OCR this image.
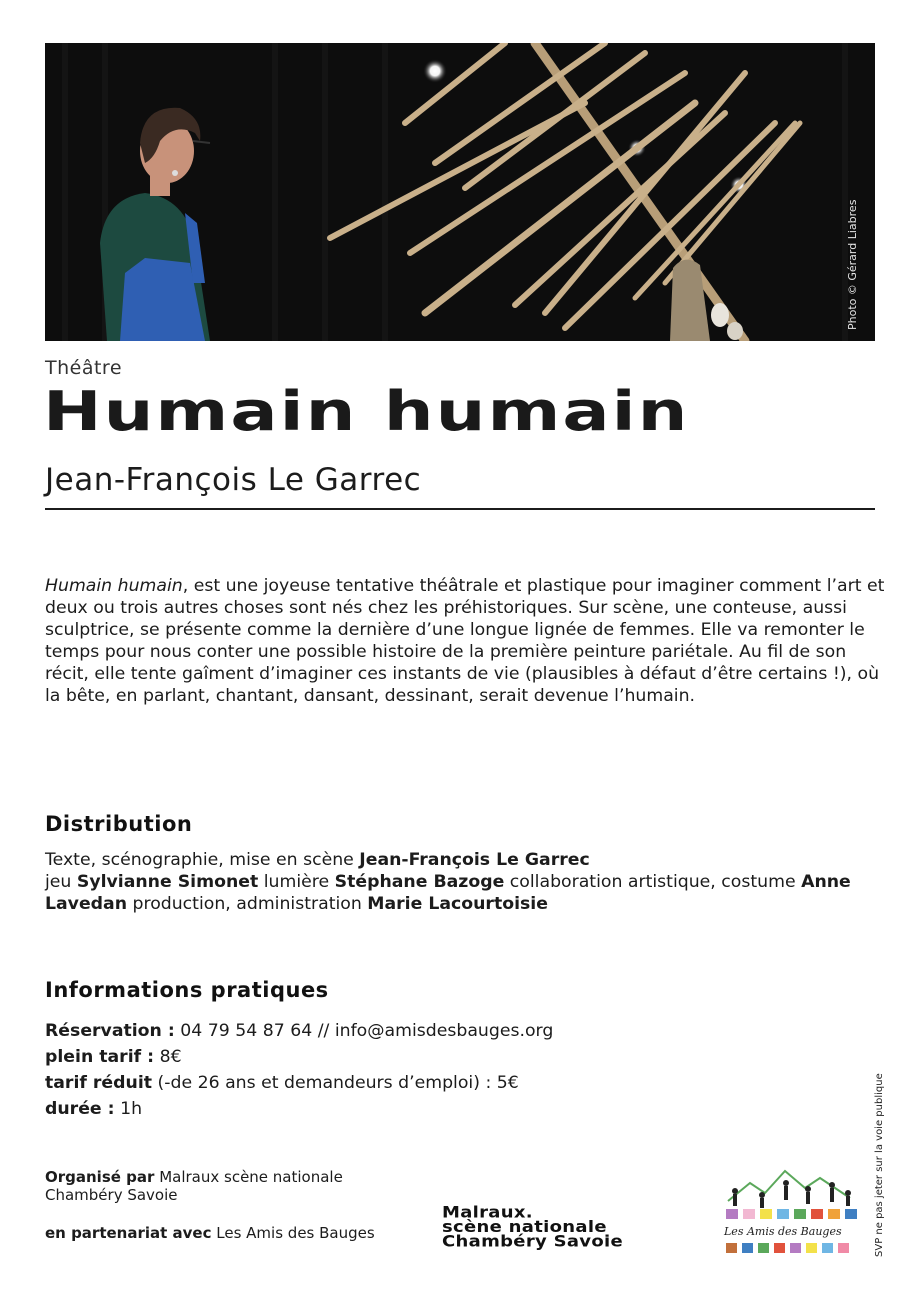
Photo © Gérard Liabres
Théâtre
Humain humain
Jean-François Le Garrec
Humain humain, est une joyeuse tentative théâtrale et plastique pour imaginer comment l’art et deux ou trois autres choses sont nés chez les préhistoriques. Sur scène, une conteuse, aussi sculptrice, se présente comme la dernière d’une longue lignée de femmes. Elle va remonter le temps pour nous conter une possible histoire de la première peinture pariétale. Au fil de son récit, elle tente gaîment d’imaginer ces instants de vie (plausibles à défaut d’être certains !), où la bête, en parlant, chantant, dansant, dessinant, serait devenue l’humain.
Distribution
Texte, scénographie, mise en scène Jean-François Le Garrec
jeu Sylvianne Simonet lumière Stéphane Bazoge collaboration artistique, costume Anne Lavedan production, administration Marie Lacourtoisie
Informations pratiques
Réservation : 04 79 54 87 64 // info@amisdesbauges.org
plein tarif : 8€
tarif réduit (-de 26 ans et demandeurs d’emploi) : 5€
durée : 1h
Organisé par Malraux scène nationale Chambéry Savoie
en partenariat avec Les Amis des Bauges
Malraux.
scène nationale
Chambéry Savoie
Les Amis des Bauges	SVP ne pas jeter sur la voie publique
